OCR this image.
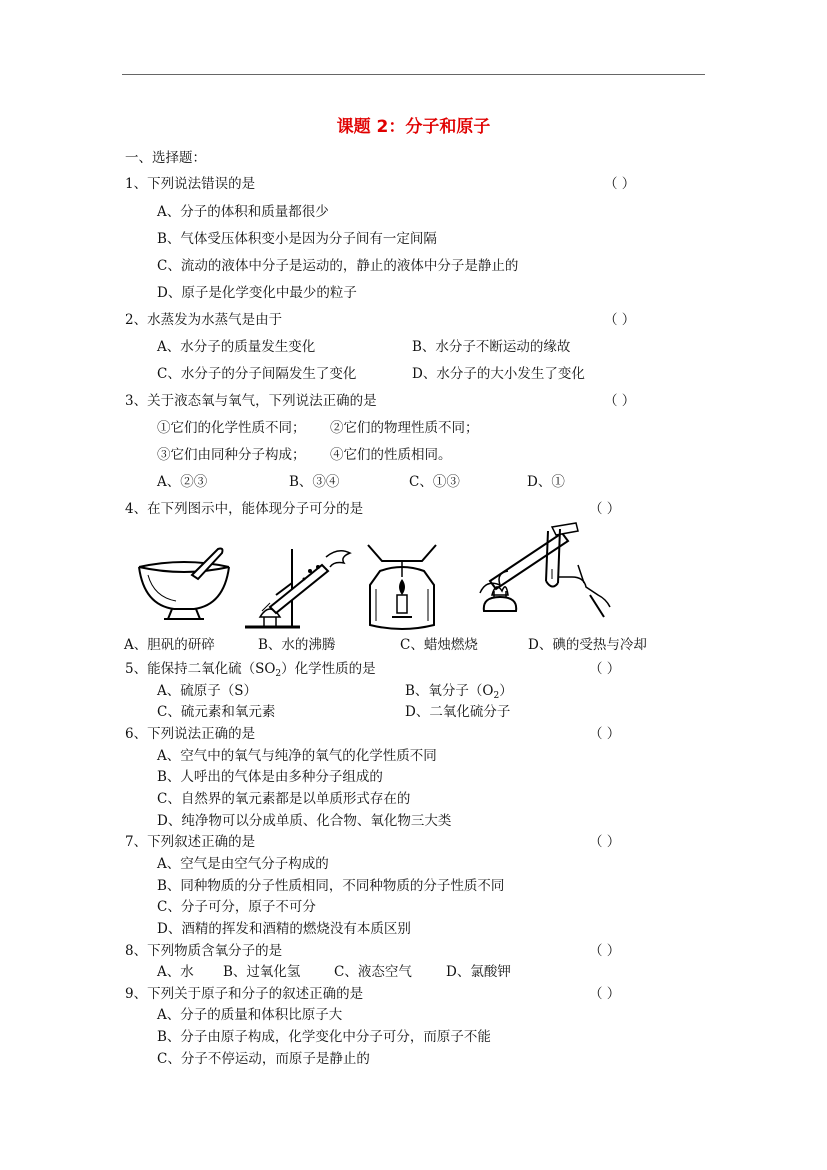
课题 2：分子和原子
一、选择题：
1、下列说法错误的是	（ ）
A、分子的体积和质量都很少
B、气体受压体积变小是因为分子间有一定间隔
C、流动的液体中分子是运动的，静止的液体中分子是静止的
D、原子是化学变化中最少的粒子
2、水蒸发为水蒸气是由于	（ ）
A、水分子的质量发生变化	B、水分子不断运动的缘故
C、水分子的分子间隔发生了变化	D、水分子的大小发生了变化
3、关于液态氧与氧气，下列说法正确的是	（ ）
①它们的化学性质不同； ②它们的物理性质不同；
③它们由同种分子构成； ④它们的性质相同。
A、②③	B、③④	C、①③	D、①
4、在下列图示中，能体现分子可分的是	（ ）
A、胆矾的研碎	B、水的沸腾	C、蜡烛燃烧	D、碘的受热与冷却
5、能保持二氧化硫$(SO_2)$化学性质的是	（ ）
A、硫原子（S）	B、氧分子$(O_2)$
C、硫元素和氧元素	D、二氧化硫分子
6、下列说法正确的是	（ ）
A、空气中的氧气与纯净的氧气的化学性质不同
B、人呼出的气体是由多种分子组成的
C、自然界的氧元素都是以单质形式存在的
D、纯净物可以分成单质、化合物、氧化物三大类
7、下列叙述正确的是	（ ）
A、空气是由空气分子构成的
B、同种物质的分子性质相同，不同种物质的分子性质不同
C、分子可分，原子不可分
D、酒精的挥发和酒精的燃烧没有本质区别
8、下列物质含氧分子的是	（ ）
A、水 B、过氧化氢 C、液态空气	D、氯酸钾
9、下列关于原子和分子的叙述正确的是	（ ）
A、分子的质量和体积比原子大
B、分子由原子构成，化学变化中分子可分，而原子不能
C、分子不停运动，而原子是静止的
